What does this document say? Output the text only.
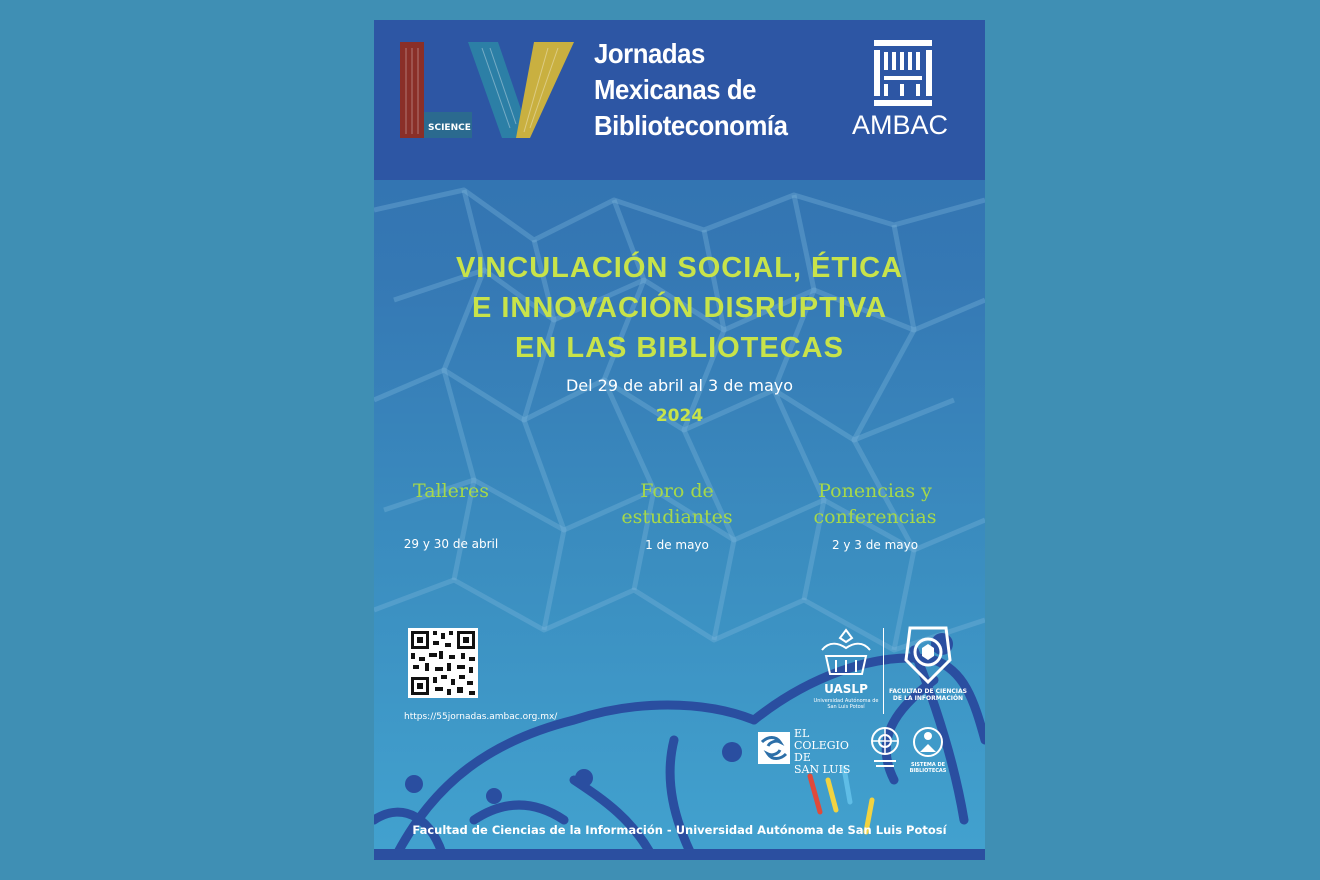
SCIENCE
Jornadas
Mexicanas de
Biblioteconomía	AMBAC
VINCULACIÓN SOCIAL, ÉTICA
E INNOVACIÓN DISRUPTIVA
EN LAS BIBLIOTECAS
Del 29 de abril al 3 de mayo
2024
Talleres
29 y 30 de abril
Foro de estudiantes
1 de mayo
Ponencias y conferencias
2 y 3 de mayo
https://55jornadas.ambac.org.mx/
UASLP
Universidad Autónoma de San Luis Potosí
FACULTAD DE CIENCIAS DE LA INFORMACIÓN
EL
COLEGIO
DE
SAN LUIS	SISTEMA DE BIBLIOTECAS
Facultad de Ciencias de la Información - Universidad Autónoma de San Luis Potosí
